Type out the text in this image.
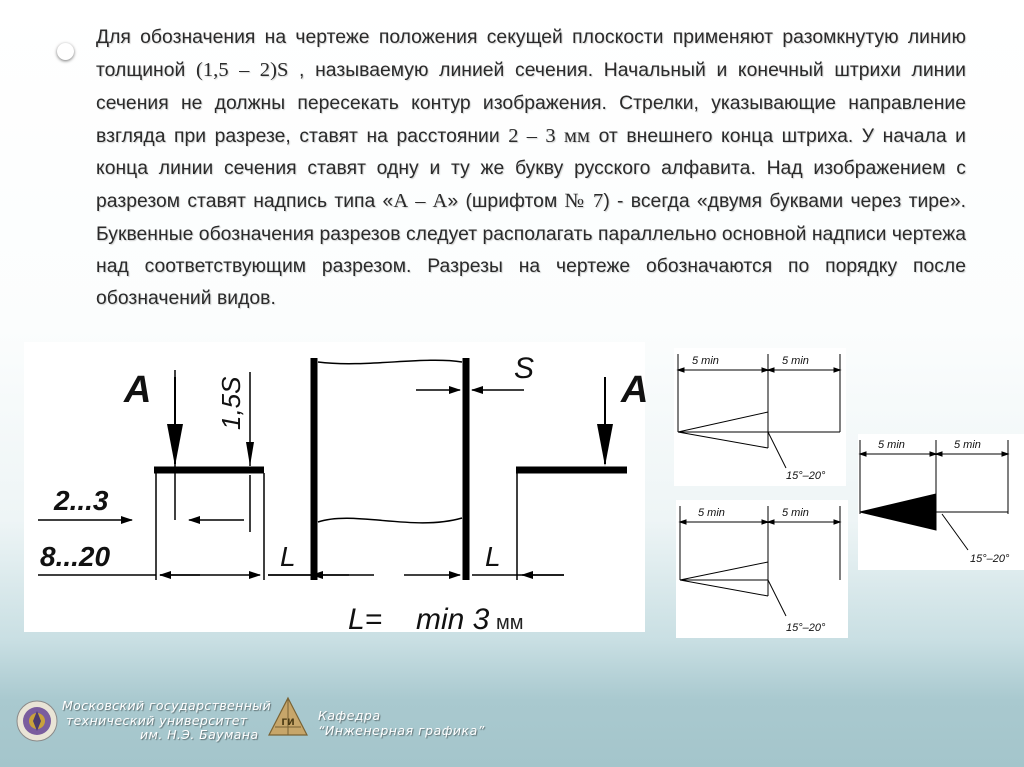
Для обозначения на чертеже положения секущей плоскости применяют разомкнутую линию толщиной (1,5 – 2)S , называемую линией сечения. Начальный и конечный штрихи линии сечения не должны пересекать контур изображения. Стрелки, указывающие направление взгляда при разрезе, ставят на расстоянии 2 – 3 мм от внешнего конца штриха. У начала и конца линии сечения ставят одну и ту же букву русского алфавита. Над изображением с разрезом ставят надпись типа «А – А» (шрифтом № 7) - всегда «двумя буквами через тире». Буквенные обозначения разрезов следует располагать параллельно основной надписи чертежа над соответствующим разрезом. Разрезы на чертеже обозначаются по порядку после обозначений видов.
A	A
1,5S
S
2...3
8...20	L	L
L= min 3 мм
5 min	5 min
15°–20°
5 min	5 min
15°–20°
5 min	5 min
15°–20°
Московский государственный
технический университет
им. Н.Э. Баумана
ГИ Кафедра
“Инженерная графика”
